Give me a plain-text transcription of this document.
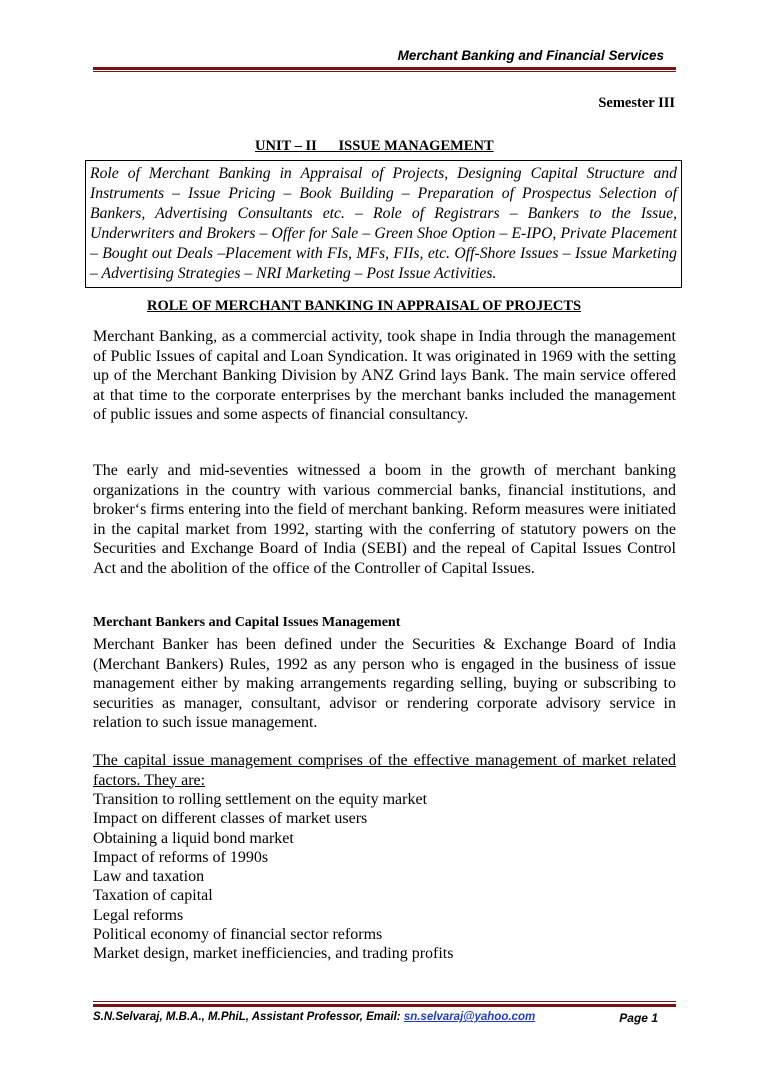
Merchant Banking and Financial Services
Semester III
UNIT – II      ISSUE MANAGEMENT
Role of Merchant Banking in Appraisal of Projects, Designing Capital Structure and Instruments – Issue Pricing – Book Building – Preparation of Prospectus Selection of Bankers, Advertising Consultants etc. – Role of Registrars – Bankers to the Issue, Underwriters and Brokers – Offer for Sale – Green Shoe Option – E-IPO, Private Placement – Bought out Deals –Placement with FIs, MFs, FIIs, etc. Off-Shore Issues – Issue Marketing – Advertising Strategies – NRI Marketing – Post Issue Activities.
ROLE OF MERCHANT BANKING IN APPRAISAL OF PROJECTS

Merchant Banking, as a commercial activity, took shape in India through the management of Public Issues of capital and Loan Syndication. It was originated in 1969 with the setting up of the Merchant Banking Division by ANZ Grind lays Bank. The main service offered at that time to the corporate enterprises by the merchant banks included the management of public issues and some aspects of financial consultancy.

The early and mid-seventies witnessed a boom in the growth of merchant banking organizations in the country with various commercial banks, financial institutions, and broker‘s firms entering into the field of merchant banking. Reform measures were initiated in the capital market from 1992, starting with the conferring of statutory powers on the Securities and Exchange Board of India (SEBI) and the repeal of Capital Issues Control Act and the abolition of the office of the Controller of Capital Issues.

Merchant Bankers and Capital Issues Management

Merchant Banker has been defined under the Securities & Exchange Board of India (Merchant Bankers) Rules, 1992 as any person who is engaged in the business of issue management either by making arrangements regarding selling, buying or subscribing to securities as manager, consultant, advisor or rendering corporate advisory service in relation to such issue management.

The capital issue management comprises of the effective management of market related factors. They are:

Transition to rolling settlement on the equity market
Impact on different classes of market users
Obtaining a liquid bond market
Impact of reforms of 1990s
Law and taxation
Taxation of capital
Legal reforms
Political economy of financial sector reforms
Market design, market inefficiencies, and trading profits
S.N.Selvaraj, M.B.A., M.PhiL, Assistant Professor, Email: sn.selvaraj@yahoo.com	Page 1
